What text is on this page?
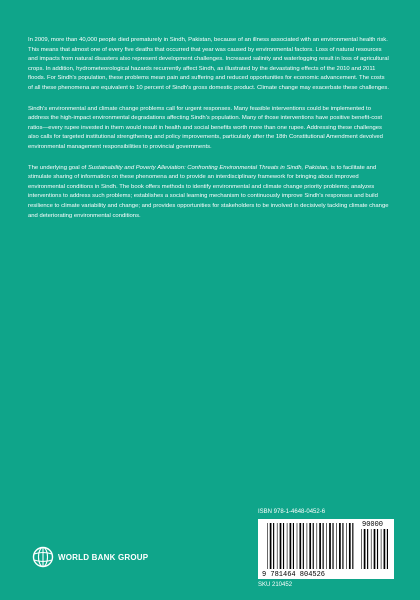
In 2009, more than 40,000 people died prematurely in Sindh, Pakistan, because of an illness associated with an environmental health risk. This means that almost one of every five deaths that occurred that year was caused by environmental factors. Loss of natural resources and impacts from natural disasters also represent development challenges. Increased salinity and waterlogging result in loss of agricultural crops. In addition, hydrometeorological hazards recurrently affect Sindh, as illustrated by the devastating effects of the 2010 and 2011 floods. For Sindh's population, these problems mean pain and suffering and reduced opportunities for economic advancement. The costs of all these phenomena are equivalent to 10 percent of Sindh's gross domestic product. Climate change may exacerbate these challenges.

Sindh's environmental and climate change problems call for urgent responses. Many feasible interventions could be implemented to address the high-impact environmental degradations affecting Sindh's population. Many of those interventions have positive benefit-cost ratios—every rupee invested in them would result in health and social benefits worth more than one rupee. Addressing these challenges also calls for targeted institutional strengthening and policy improvements, particularly after the 18th Constitutional Amendment devolved environmental management responsibilities to provincial governments.

The underlying goal of Sustainability and Poverty Alleviation: Confronting Environmental Threats in Sindh, Pakistan, is to facilitate and stimulate sharing of information on these phenomena and to provide an interdisciplinary framework for bringing about improved environmental conditions in Sindh. The book offers methods to identify environmental and climate change priority problems; analyzes interventions to address such problems; establishes a social learning mechanism to continuously improve Sindh's responses and build resilience to climate variability and change; and provides opportunities for stakeholders to be involved in decisively tackling climate change and deteriorating environmental conditions.

ISBN 978-1-4648-0452-6
9 781464 804526
90000
SKU 210452
WORLD BANK GROUP
